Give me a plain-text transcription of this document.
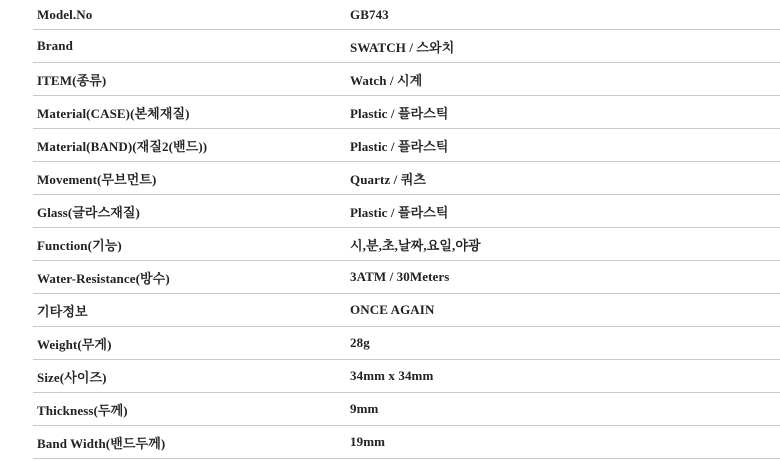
Model.No	GB743
Brand	SWATCH / 스와치
ITEM(종류)	Watch / 시계
Material(CASE)(본체재질)	Plastic / 플라스틱
Material(BAND)(재질2(밴드))	Plastic / 플라스틱
Movement(무브먼트)	Quartz / 쿼츠
Glass(글라스재질)	Plastic / 플라스틱
Function(기능)	시,분,초,날짜,요일,야광
Water-Resistance(방수)	3ATM / 30Meters
기타정보	ONCE AGAIN
Weight(무게)	28g
Size(사이즈)	34mm x 34mm
Thickness(두께)	9mm
Band Width(밴드두께)	19mm
